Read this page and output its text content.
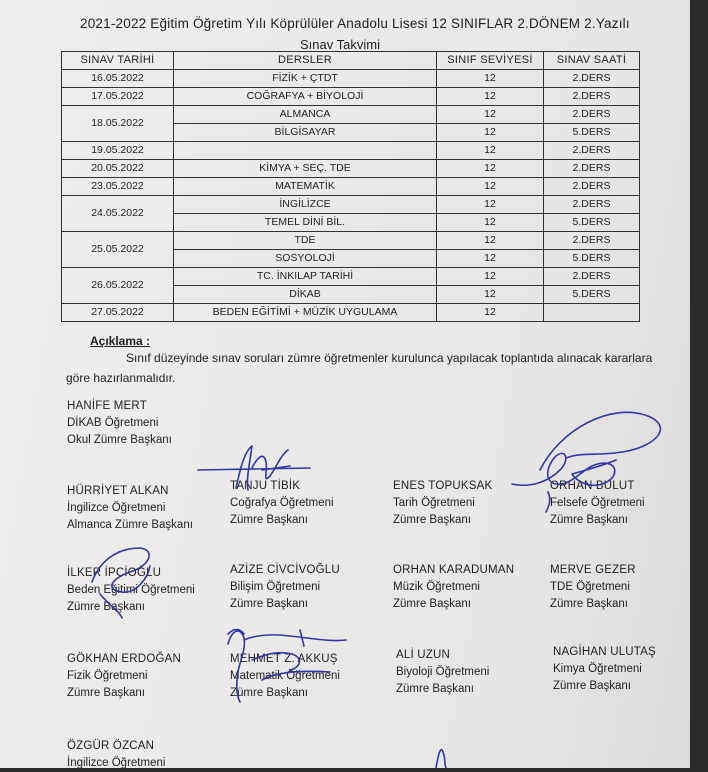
2021-2022 Eğitim Öğretim Yılı Köprülüler Anadolu Lisesi 12 SINIFLAR 2.DÖNEM 2.Yazılı
Sınav Takvimi
SINAV TARİHİ	DERSLER	SINIF SEVİYESİ	SINAV SAATİ
16.05.2022	FİZİK + ÇTDT	12	2.DERS
17.05.2022	COĞRAFYA + BİYOLOJİ	12	2.DERS
18.05.2022	ALMANCA	12	2.DERS
	BİLGİSAYAR	12	5.DERS
19.05.2022		12	2.DERS
20.05.2022	KİMYA + SEÇ. TDE	12	2.DERS
23.05.2022	MATEMATİK	12	2.DERS
24.05.2022	İNGİLİZCE	12	2.DERS
	TEMEL DİNİ BİL.	12	5.DERS
25.05.2022	TDE	12	2.DERS
	SOSYOLOJİ	12	5.DERS
26.05.2022	TC. İNKILAP TARİHİ	12	2.DERS
	DİKAB	12	5.DERS
27.05.2022	BEDEN EĞİTİMİ + MÜZİK UYGULAMA	12	
Açıklama :
Sınıf düzeyinde sınav soruları zümre öğretmenler kurulunca yapılacak toplantıda alınacak kararlara göre hazırlanmalıdır.
HANİFE MERT
DİKAB Öğretmeni
Okul Zümre Başkanı
HÜRRİYET ALKAN
İngilizce Öğretmeni
Almanca Zümre Başkanı
TANJU TİBİK
Coğrafya Öğretmeni
Zümre Başkanı
ENES TOPUKSAK
Tarih Öğretmeni
Zümre Başkanı
ORHAN BULUT
Felsefe Öğretmeni
Zümre Başkanı
İLKER İPCİOĞLU
Beden Eğitimi Öğretmeni
Zümre Başkanı
AZİZE CİVCİVOĞLU
Bilişim Öğretmeni
Zümre Başkanı
ORHAN KARADUMAN
Müzik Öğretmeni
Zümre Başkanı
MERVE GEZER
TDE Öğretmeni
Zümre Başkanı
GÖKHAN ERDOĞAN
Fizik Öğretmeni
Zümre Başkanı
MEHMET Z. AKKUŞ
Matematik Öğretmeni
Zümre Başkanı
ALİ UZUN
Biyoloji Öğretmeni
Zümre Başkanı
NAGİHAN ULUTAŞ
Kimya Öğretmeni
Zümre Başkanı
ÖZGÜR ÖZCAN
İngilizce Öğretmeni
